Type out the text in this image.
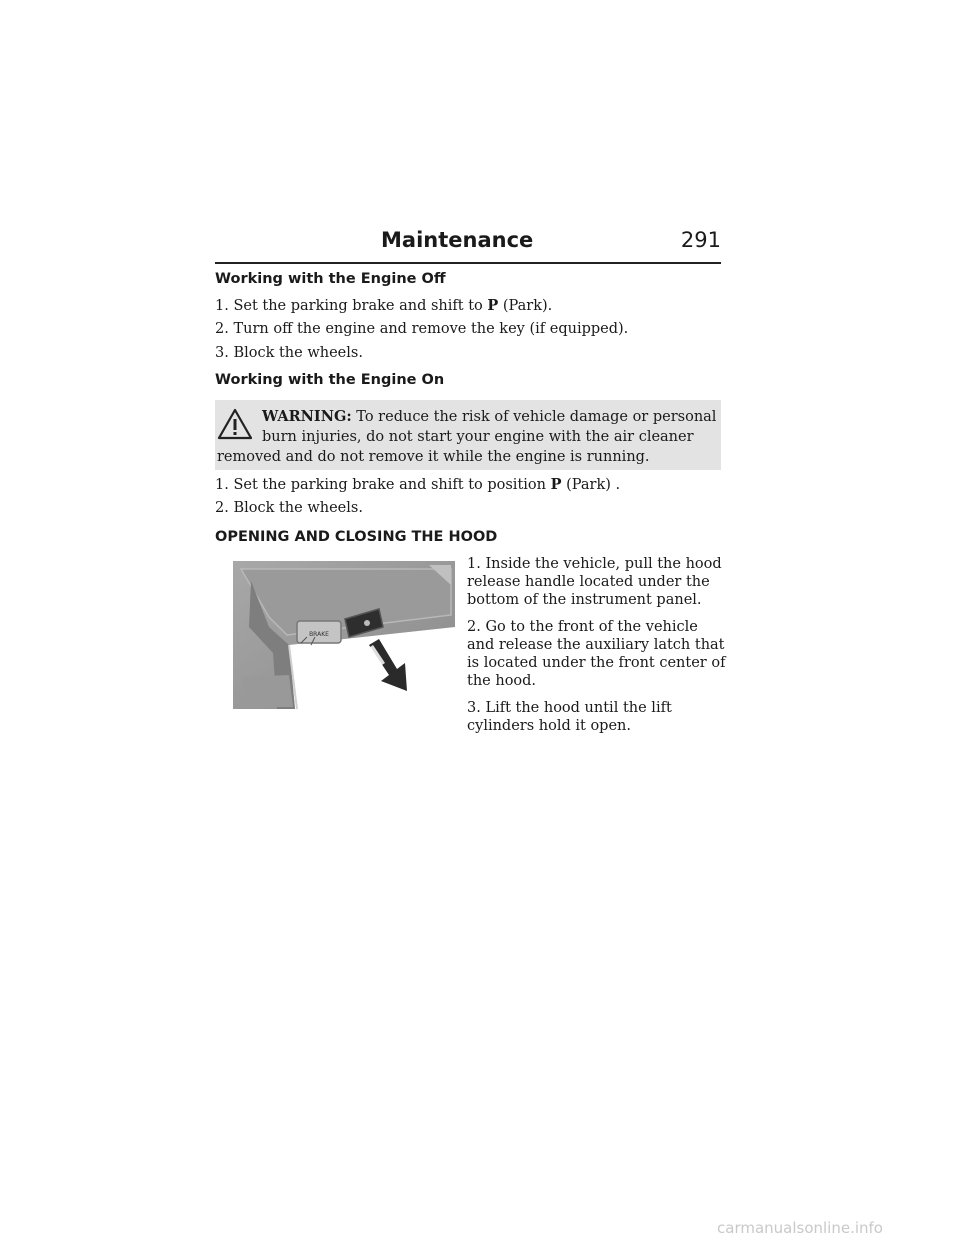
Maintenance	291
Working with the Engine Off
1. Set the parking brake and shift to P (Park).
2. Turn off the engine and remove the key (if equipped).
3. Block the wheels.
Working with the Engine On
WARNING: To reduce the risk of vehicle damage or personal
burn injuries, do not start your engine with the air cleaner
removed and do not remove it while the engine is running.
1. Set the parking brake and shift to position P (Park) .
2. Block the wheels.
OPENING AND CLOSING THE HOOD
BRAKE

1. Inside the vehicle, pull the hood release handle located under the bottom of the instrument panel.

2. Go to the front of the vehicle and release the auxiliary latch that is located under the front center of the hood.

3. Lift the hood until the lift cylinders hold it open.

carmanualsonline.info
